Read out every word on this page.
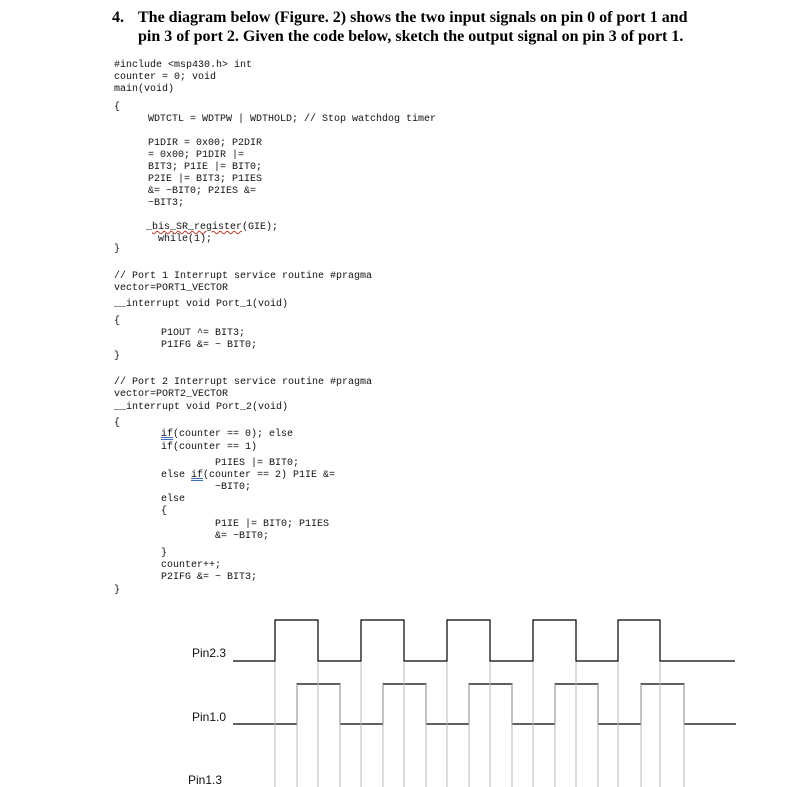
4. The diagram below (Figure. 2) shows the two input signals on pin 0 of port 1 and
pin 3 of port 2. Given the code below, sketch the output signal on pin 3 of port 1.
#include <msp430.h> int
counter = 0; void
main(void)
{
WDTCTL = WDTPW | WDTHOLD; // Stop watchdog timer
P1DIR = 0x00; P2DIR
= 0x00; P1DIR |=
BIT3; P1IE |= BIT0;
P2IE |= BIT3; P1IES
&= ~BIT0; P2IES &=
~BIT3;
_bis_SR_register(GIE);
while(1);
}
// Port 1 Interrupt service routine #pragma
vector=PORT1_VECTOR
__interrupt void Port_1(void)
{
P1OUT ^= BIT3;
P1IFG &= ~ BIT0;
}
// Port 2 Interrupt service routine #pragma
vector=PORT2_VECTOR
__interrupt void Port_2(void)
{
if(counter == 0); else
if(counter == 1)
P1IES |= BIT0;
else if(counter == 2) P1IE &=
~BIT0;
else
{
P1IE |= BIT0; P1IES
&= ~BIT0;
}
counter++;
P2IFG &= ~ BIT3;
}
Pin2.3
Pin1.0
Pin1.3
